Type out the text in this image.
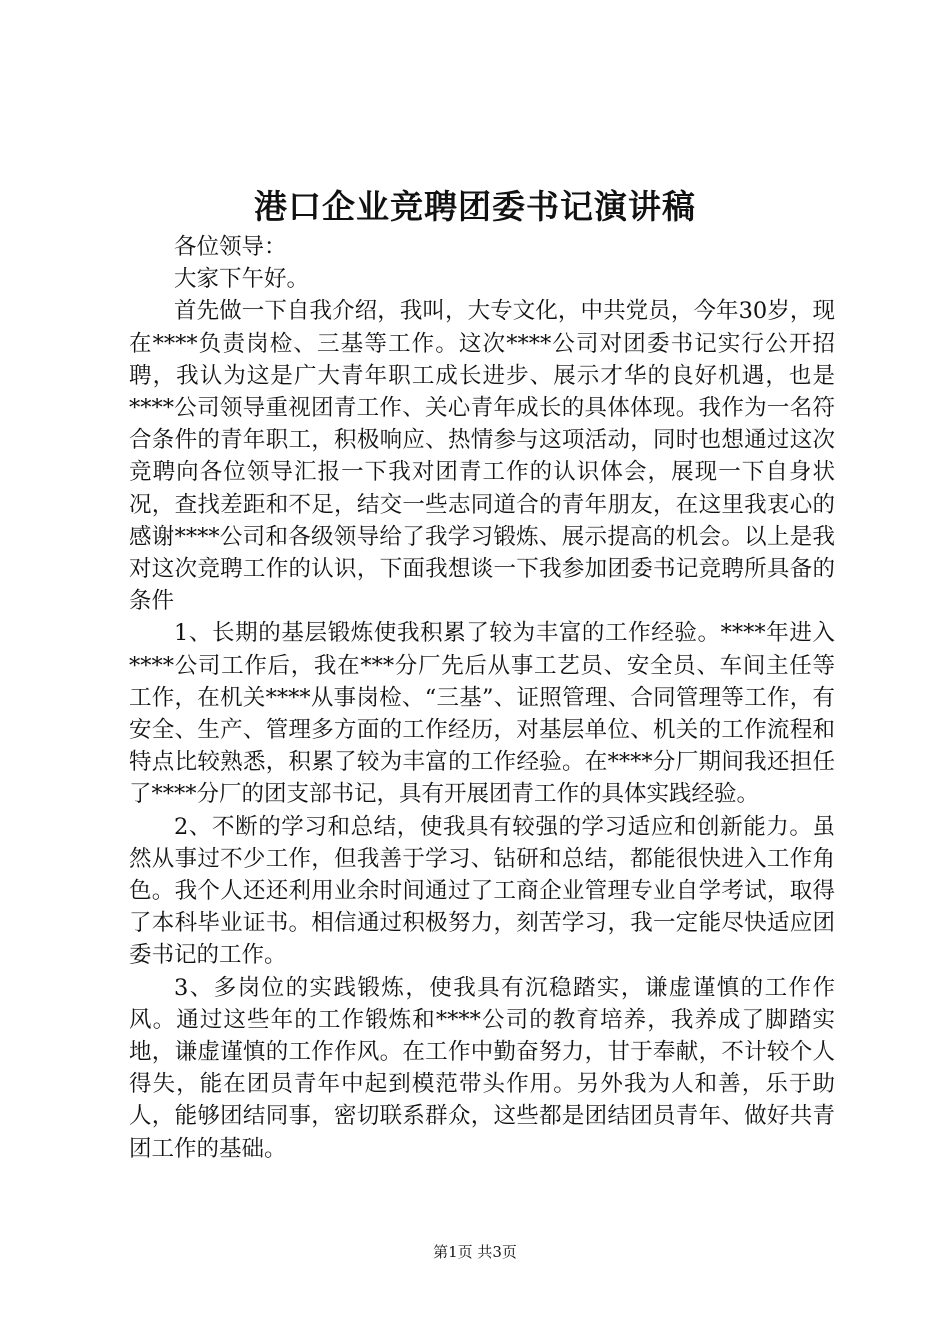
港口企业竞聘团委书记演讲稿

各位领导：

大家下午好。

首先做一下自我介绍，我叫，大专文化，中共党员，今年30岁，现在****负责岗检、三基等工作。这次****公司对团委书记实行公开招聘，我认为这是广大青年职工成长进步、展示才华的良好机遇，也是****公司领导重视团青工作、关心青年成长的具体体现。我作为一名符合条件的青年职工，积极响应、热情参与这项活动，同时也想通过这次竞聘向各位领导汇报一下我对团青工作的认识体会，展现一下自身状况，查找差距和不足，结交一些志同道合的青年朋友，在这里我衷心的感谢****公司和各级领导给了我学习锻炼、展示提高的机会。以上是我对这次竞聘工作的认识，下面我想谈一下我参加团委书记竞聘所具备的条件

1、长期的基层锻炼使我积累了较为丰富的工作经验。****年进入****公司工作后，我在***分厂先后从事工艺员、安全员、车间主任等工作，在机关****从事岗检、“三基”、证照管理、合同管理等工作，有安全、生产、管理多方面的工作经历，对基层单位、机关的工作流程和特点比较熟悉，积累了较为丰富的工作经验。在****分厂期间我还担任了****分厂的团支部书记，具有开展团青工作的具体实践经验。

2、不断的学习和总结，使我具有较强的学习适应和创新能力。虽然从事过不少工作，但我善于学习、钻研和总结，都能很快进入工作角色。我个人还还利用业余时间通过了工商企业管理专业自学考试，取得了本科毕业证书。相信通过积极努力，刻苦学习，我一定能尽快适应团委书记的工作。

3、多岗位的实践锻炼，使我具有沉稳踏实，谦虚谨慎的工作作风。通过这些年的工作锻炼和****公司的教育培养，我养成了脚踏实地，谦虚谨慎的工作作风。在工作中勤奋努力，甘于奉献，不计较个人得失，能在团员青年中起到模范带头作用。另外我为人和善，乐于助人，能够团结同事，密切联系群众，这些都是团结团员青年、做好共青团工作的基础。

第1页 共3页
